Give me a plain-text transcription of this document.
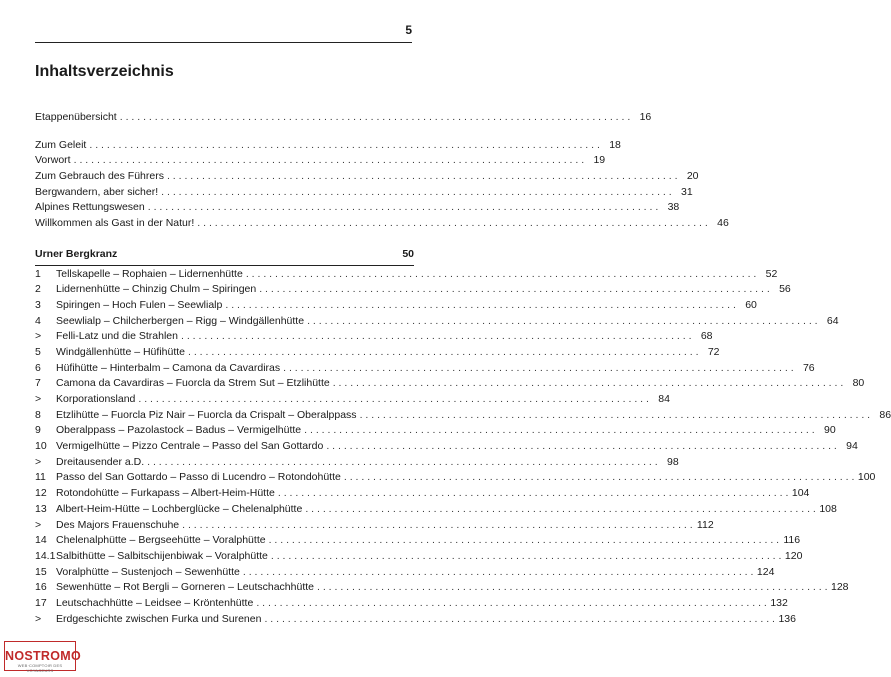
5
Inhaltsverzeichnis
Etappenübersicht . . .	16
Zum Geleit . . .	18
Vorwort . . .	19
Zum Gebrauch des Führers . . .	20
Bergwandern, aber sicher! . . .	31
Alpines Rettungswesen . . .	38
Willkommen als Gast in der Natur! . . .	46
Urner Bergkranz	50
1	Tellskapelle – Rophaien – Lidernenhütte . . .	52
2	Lidernenhütte – Chinzig Chulm – Spiringen . . .	56
3	Spiringen – Hoch Fulen – Seewlialp . . .	60
4	Seewlialp – Chilcherbergen – Rigg – Windgällenhütte . . .	64
>	Felli-Latz und die Strahlen . . .	68
5	Windgällenhütte – Hüfihütte . . .	72
6	Hüfihütte – Hinterbalm – Camona da Cavardiras . . .	76
7	Camona da Cavardiras – Fuorcla da Strem Sut – Etzlihütte . . .	80
>	Korporationsland . . .	84
8	Etzlihütte – Fuorcla Piz Nair – Fuorcla da Crispalt – Oberalppass . . .	86
9	Oberalppass – Pazolastock – Badus – Vermigelhütte . . .	90
10 Vermigelhütte – Pizzo Centrale – Passo del San Gottardo . . .	94
>	Dreitausender a.D. . . .	98
11 Passo del San Gottardo – Passo di Lucendro – Rotondohütte . . .	100
12 Rotondohütte – Furkapass – Albert-Heim-Hütte . . .	104
13 Albert-Heim-Hütte – Lochberglücke – Chelenalphütte . . .	108
>	Des Majors Frauenschuhe . . .	112
14 Chelenalphütte – Bergseehütte – Voralphütte . . .	116
14.1 Salbithütte – Salbitschijenbiwak – Voralphütte . . .	120
15 Voralphütte – Sustenjoch – Sewenhütte . . .	124
16 Sewenhütte – Rot Bergli – Gorneren – Leutschachhütte . . .	128
17 Leutschachhütte – Leidsee – Kröntenhütte . . .	132
>	Erdgeschichte zwischen Furka und Surenen . . .	136
NOSTROMO
WEB·COMPTOIR DES VOYAGEURS
